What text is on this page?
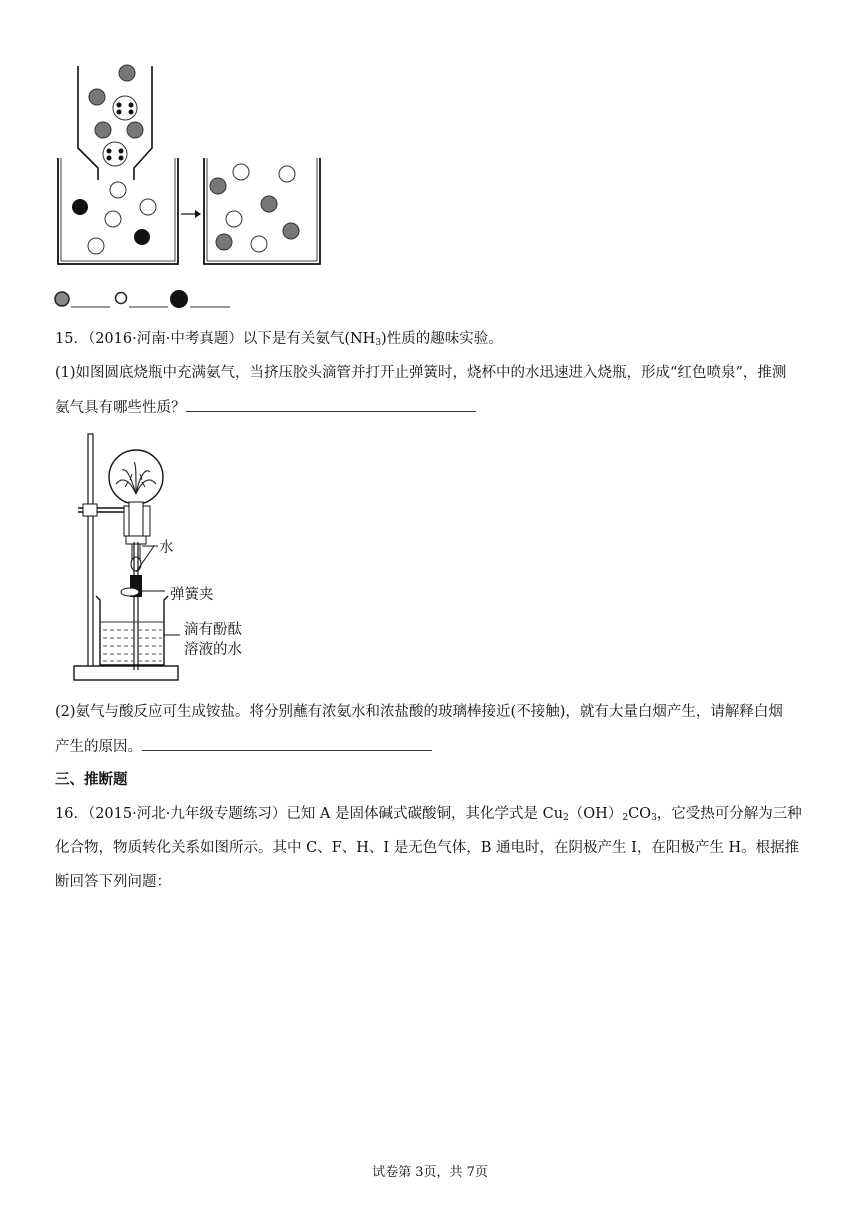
15．（2016·河南·中考真题）以下是有关氨气$(NH_3)$性质的趣味实验。
(1)如图圆底烧瓶中充满氨气，当挤压胶头滴管并打开止弹簧时，烧杯中的水迅速进入烧瓶，形成“红色喷泉”，推测
氨气具有哪些性质？
水
弹簧夹
滴有酚酞
溶液的水
(2)氨气与酸反应可生成铵盐。将分别蘸有浓氨水和浓盐酸的玻璃棒接近(不接触)，就有大量白烟产生，请解释白烟
产生的原因。
三、推断题
16．（2015·河北·九年级专题练习）已知 A 是固体碱式碳酸铜，其化学式是 $Cu_2(OH)_2CO_3$，它受热可分解为三种
化合物，物质转化关系如图所示。其中 C、F、H、I 是无色气体，B 通电时，在阴极产生 I，在阳极产生 H。根据推
断回答下列问题：
试卷第 3页，共 7页
